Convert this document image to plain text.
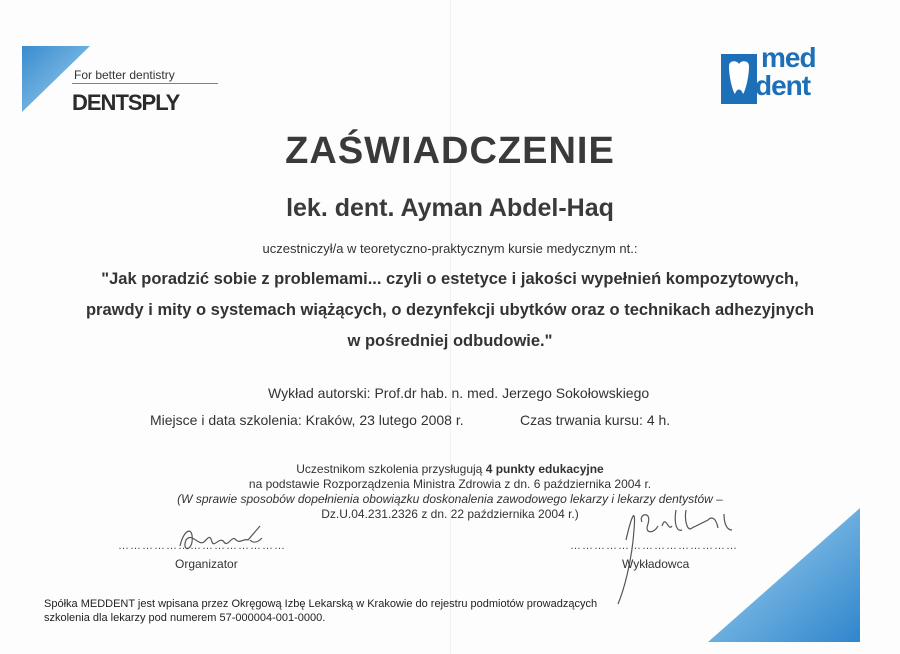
For better dentistry
DENTSPLY
med
dent
ZAŚWIADCZENIE
lek. dent. Ayman Abdel-Haq
uczestniczył/a w teoretyczno-praktycznym kursie medycznym nt.:
"Jak poradzić sobie z problemami... czyli o estetyce i jakości wypełnień kompozytowych,
prawdy i mity o systemach wiążących, o dezynfekcji ubytków oraz o technikach adhezyjnych
w pośredniej odbudowie."
Wykład autorski: Prof.dr hab. n. med. Jerzego Sokołowskiego
Miejsce i data szkolenia: Kraków, 23 lutego 2008 r.	Czas trwania kursu: 4 h.
Uczestnikom szkolenia przysługują 4 punkty edukacyjne
na podstawie Rozporządzenia Ministra Zdrowia z dn. 6 października 2004 r.
(W sprawie sposobów dopełnienia obowiązku doskonalenia zawodowego lekarzy i lekarzy dentystów –
Dz.U.04.231.2326 z dn. 22 października 2004 r.)
……………………………………	……………………………………
Organizator	Wykładowca
Spółka MEDDENT jest wpisana przez Okręgową Izbę Lekarską w Krakowie do rejestru podmiotów prowadzących
szkolenia dla lekarzy pod numerem 57-000004-001-0000.
